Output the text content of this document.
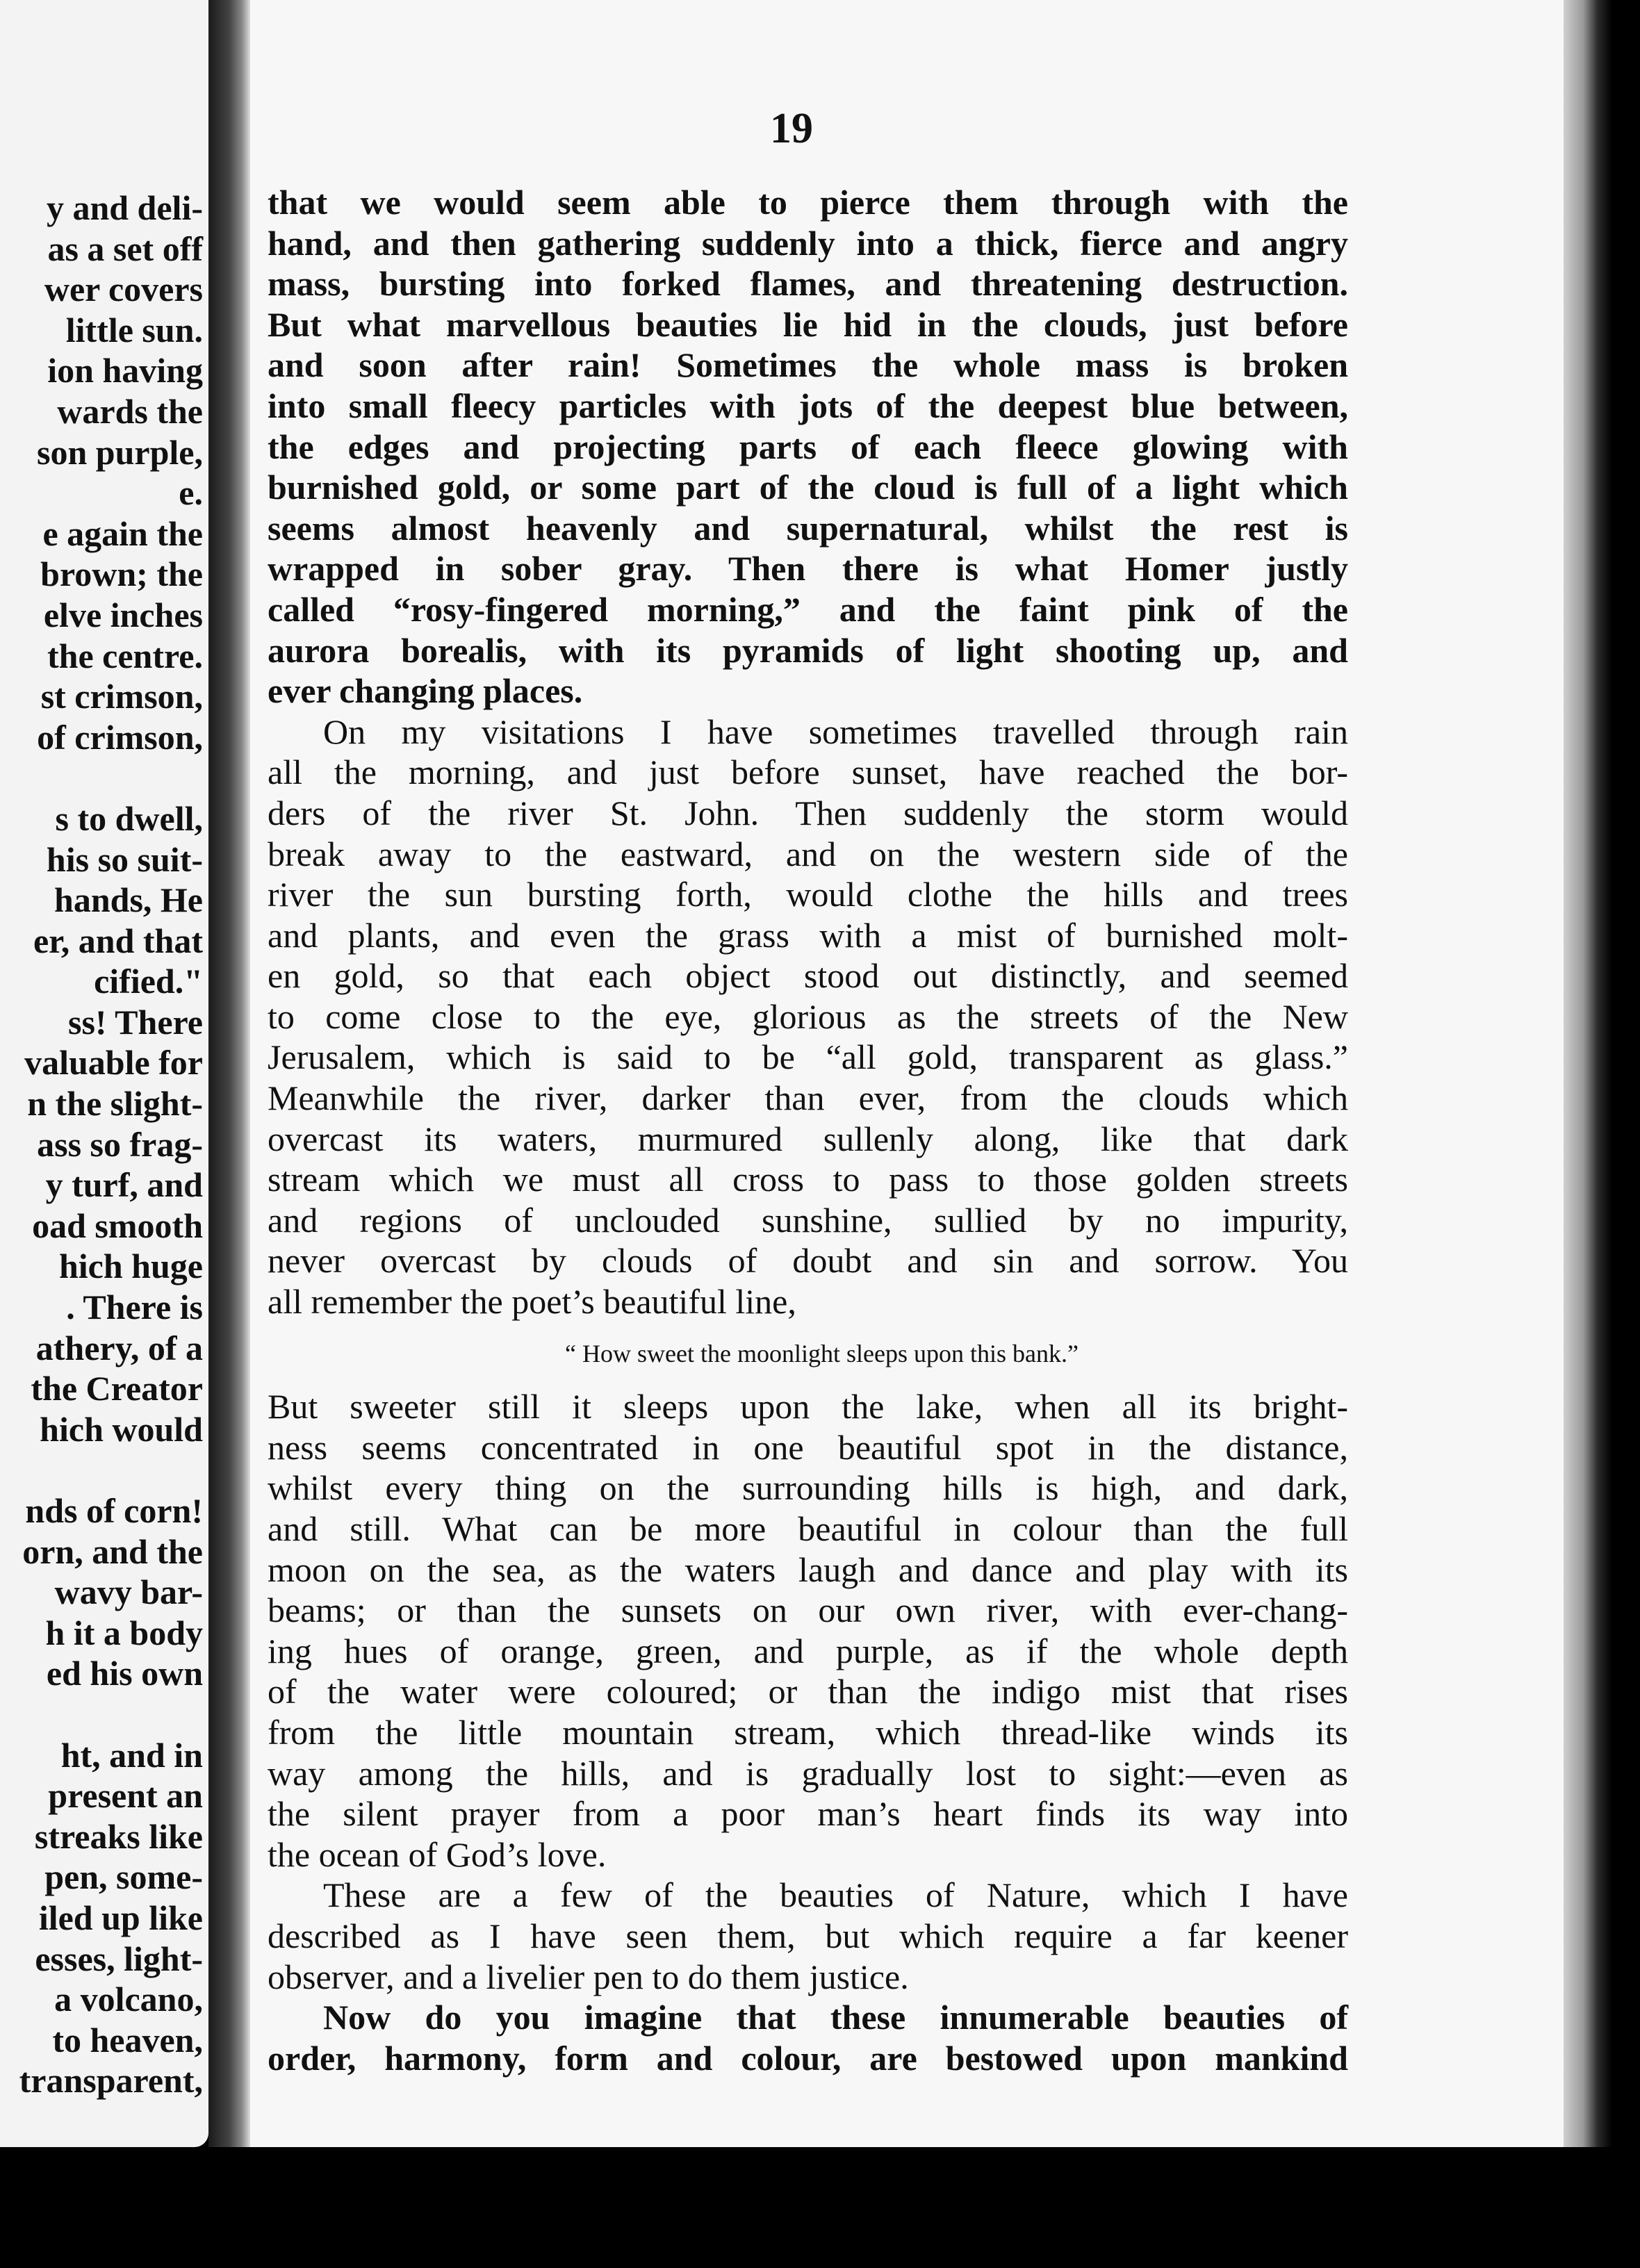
y and deli-
as a set off
wer covers
little sun.
ion having
wards the
son purple,
e.
e again the
brown; the
elve inches
the centre.
st crimson,
of crimson,
s to dwell,
his so suit-
hands, He
er, and that
cified."
ss! There
valuable for
n the slight-
ass so frag-
y turf, and
oad smooth
hich huge
. There is
athery, of a
the Creator
hich would
nds of corn!
orn, and the
wavy bar-
h it a body
ed his own
ht, and in
present an
streaks like
pen, some-
iled up like
esses, light-
a volcano,
to heaven,
transparent,
19
that we would seem able to pierce them through with the
hand, and then gathering suddenly into a thick, fierce and angry
mass, bursting into forked flames, and threatening destruction.
But what marvellous beauties lie hid in the clouds, just before
and soon after rain! Sometimes the whole mass is broken
into small fleecy particles with jots of the deepest blue between,
the edges and projecting parts of each fleece glowing with
burnished gold, or some part of the cloud is full of a light which
seems almost heavenly and supernatural, whilst the rest is
wrapped in sober gray. Then there is what Homer justly
called “rosy-fingered morning,” and the faint pink of the
aurora borealis, with its pyramids of light shooting up, and
ever changing places.
On my visitations I have sometimes travelled through rain
all the morning, and just before sunset, have reached the bor-
ders of the river St. John. Then suddenly the storm would
break away to the eastward, and on the western side of the
river the sun bursting forth, would clothe the hills and trees
and plants, and even the grass with a mist of burnished molt-
en gold, so that each object stood out distinctly, and seemed
to come close to the eye, glorious as the streets of the New
Jerusalem, which is said to be “all gold, transparent as glass.”
Meanwhile the river, darker than ever, from the clouds which
overcast its waters, murmured sullenly along, like that dark
stream which we must all cross to pass to those golden streets
and regions of unclouded sunshine, sullied by no impurity,
never overcast by clouds of doubt and sin and sorrow. You
all remember the poet’s beautiful line,
“ How sweet the moonlight sleeps upon this bank.”
But sweeter still it sleeps upon the lake, when all its bright-
ness seems concentrated in one beautiful spot in the distance,
whilst every thing on the surrounding hills is high, and dark,
and still. What can be more beautiful in colour than the full
moon on the sea, as the waters laugh and dance and play with its
beams; or than the sunsets on our own river, with ever-chang-
ing hues of orange, green, and purple, as if the whole depth
of the water were coloured; or than the indigo mist that rises
from the little mountain stream, which thread-like winds its
way among the hills, and is gradually lost to sight:—even as
the silent prayer from a poor man’s heart finds its way into
the ocean of God’s love.
These are a few of the beauties of Nature, which I have
described as I have seen them, but which require a far keener
observer, and a livelier pen to do them justice.
Now do you imagine that these innumerable beauties of
order, harmony, form and colour, are bestowed upon mankind
